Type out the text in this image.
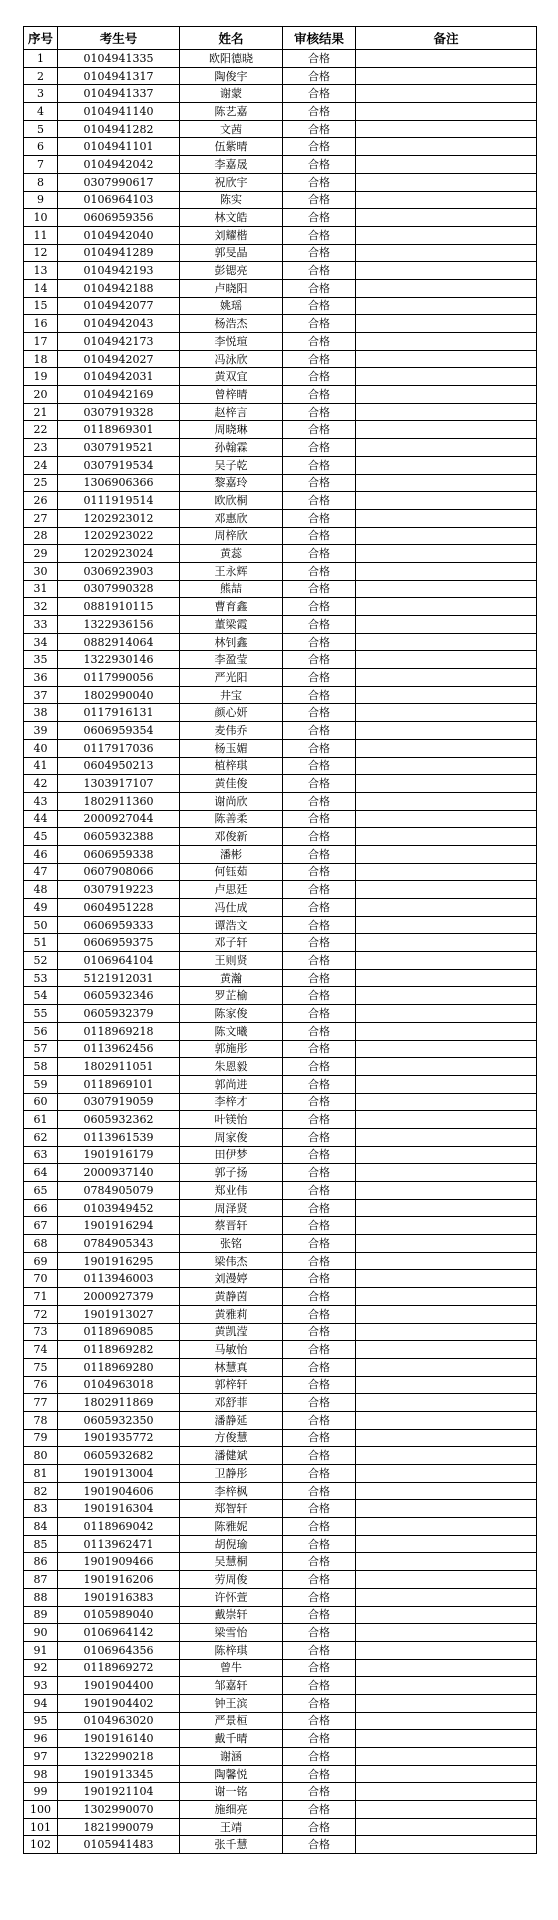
序号	考生号	姓名	审核结果	备注
1	0104941335	欧阳德晓	合格	
2	0104941317	陶俊宇	合格	
3	0104941337	谢蒙	合格	
4	0104941140	陈艺嘉	合格	
5	0104941282	文茜	合格	
6	0104941101	伍紫晴	合格	
7	0104942042	李嘉晟	合格	
8	0307990617	祝欣宇	合格	
9	0106964103	陈实	合格	
10	0606959356	林文皓	合格	
11	0104942040	刘耀楷	合格	
12	0104941289	郭旻晶	合格	
13	0104942193	彭锶亮	合格	
14	0104942188	卢晓阳	合格	
15	0104942077	姚瑶	合格	
16	0104942043	杨浩杰	合格	
17	0104942173	李悦瑄	合格	
18	0104942027	冯泳欣	合格	
19	0104942031	黄双宜	合格	
20	0104942169	曾梓晴	合格	
21	0307919328	赵梓言	合格	
22	0118969301	周晓琳	合格	
23	0307919521	孙翰霖	合格	
24	0307919534	吴子乾	合格	
25	1306906366	黎嘉玲	合格	
26	0111919514	欧欣桐	合格	
27	1202923012	邓惠欣	合格	
28	1202923022	周梓欣	合格	
29	1202923024	黄蕊	合格	
30	0306923903	王永辉	合格	
31	0307990328	熊喆	合格	
32	0881910115	曹育鑫	合格	
33	1322936156	董梁霞	合格	
34	0882914064	林钊鑫	合格	
35	1322930146	李盈莹	合格	
36	0117990056	严光阳	合格	
37	1802990040	井宝	合格	
38	0117916131	颜心妍	合格	
39	0606959354	麦伟乔	合格	
40	0117917036	杨玉媚	合格	
41	0604950213	植梓琪	合格	
42	1303917107	黄佳俊	合格	
43	1802911360	谢尚欣	合格	
44	2000927044	陈善柔	合格	
45	0605932388	邓俊新	合格	
46	0606959338	潘彬	合格	
47	0607908066	何钰茹	合格	
48	0307919223	卢思廷	合格	
49	0604951228	冯仕成	合格	
50	0606959333	谭浩文	合格	
51	0606959375	邓子轩	合格	
52	0106964104	王则贤	合格	
53	5121912031	黄瀚	合格	
54	0605932346	罗芷榆	合格	
55	0605932379	陈家俊	合格	
56	0118969218	陈文曦	合格	
57	0113962456	郭施彤	合格	
58	1802911051	朱恩毅	合格	
59	0118969101	郭尚进	合格	
60	0307919059	李梓才	合格	
61	0605932362	叶镁怡	合格	
62	0113961539	周家俊	合格	
63	1901916179	田伊梦	合格	
64	2000937140	郭子扬	合格	
65	0784905079	郑业伟	合格	
66	0103949452	周泽贤	合格	
67	1901916294	蔡晋轩	合格	
68	0784905343	张铭	合格	
69	1901916295	梁伟杰	合格	
70	0113946003	刘漫婷	合格	
71	2000927379	黄静茵	合格	
72	1901913027	黄雅莉	合格	
73	0118969085	黄凯滢	合格	
74	0118969282	马敏怡	合格	
75	0118969280	林慧真	合格	
76	0104963018	郭梓轩	合格	
77	1802911869	邓舒菲	合格	
78	0605932350	潘静延	合格	
79	1901935772	方俊慧	合格	
80	0605932682	潘健斌	合格	
81	1901913004	卫静彤	合格	
82	1901904606	李梓枫	合格	
83	1901916304	郑智轩	合格	
84	0118969042	陈雅妮	合格	
85	0113962471	胡倪瑜	合格	
86	1901909466	吴慧桐	合格	
87	1901916206	劳周俊	合格	
88	1901916383	许怀萱	合格	
89	0105989040	戴崇轩	合格	
90	0106964142	梁雪怡	合格	
91	0106964356	陈梓琪	合格	
92	0118969272	曾牛	合格	
93	1901904400	邹嘉轩	合格	
94	1901904402	钟王滨	合格	
95	0104963020	严景桓	合格	
96	1901916140	戴千晴	合格	
97	1322990218	谢涵	合格	
98	1901913345	陶馨悦	合格	
99	1901921104	谢一铭	合格	
100	1302990070	施细亮	合格	
101	1821990079	王靖	合格	
102	0105941483	张千慧	合格	
